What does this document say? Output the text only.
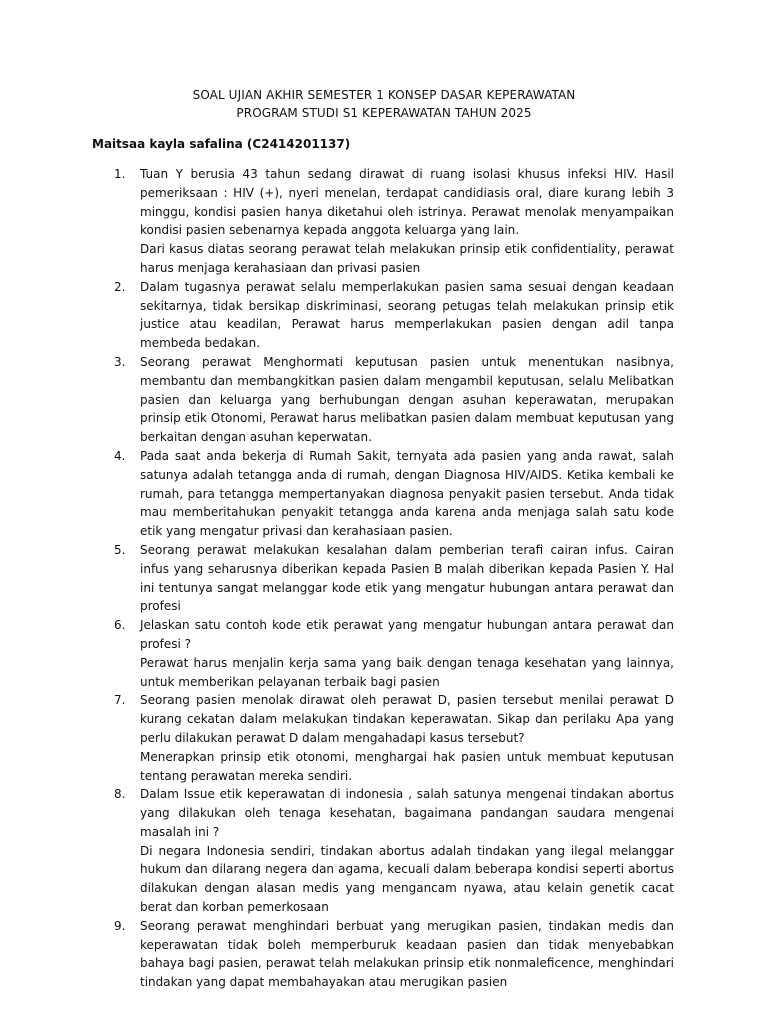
SOAL UJIAN AKHIR SEMESTER 1 KONSEP DASAR KEPERAWATAN
PROGRAM STUDI S1 KEPERAWATAN TAHUN 2025
Maitsaa kayla safalina (C2414201137)
1. Tuan Y berusia 43 tahun sedang dirawat di ruang isolasi khusus infeksi HIV. Hasil pemeriksaan : HIV (+), nyeri menelan, terdapat candidiasis oral, diare kurang lebih 3 minggu, kondisi pasien hanya diketahui oleh istrinya. Perawat menolak menyampaikan kondisi pasien sebenarnya kepada anggota keluarga yang lain.

Dari kasus diatas seorang perawat telah melakukan prinsip etik confidentiality, perawat harus menjaga kerahasiaan dan privasi pasien

2. Dalam tugasnya perawat selalu memperlakukan pasien sama sesuai dengan keadaan sekitarnya, tidak bersikap diskriminasi, seorang petugas telah melakukan prinsip etik justice atau keadilan, Perawat harus memperlakukan pasien dengan adil tanpa membeda bedakan.

3. Seorang perawat Menghormati keputusan pasien untuk menentukan nasibnya, membantu dan membangkitkan pasien dalam mengambil keputusan, selalu Melibatkan pasien dan keluarga yang berhubungan dengan asuhan keperawatan, merupakan prinsip etik Otonomi, Perawat harus melibatkan pasien dalam membuat keputusan yang berkaitan dengan asuhan keperwatan.

4. Pada saat anda bekerja di Rumah Sakit, ternyata ada pasien yang anda rawat, salah satunya adalah tetangga anda di rumah, dengan Diagnosa HIV/AIDS. Ketika kembali ke rumah, para tetangga mempertanyakan diagnosa penyakit pasien tersebut. Anda tidak mau memberitahukan penyakit tetangga anda karena anda menjaga salah satu kode etik yang mengatur privasi dan kerahasiaan pasien.

5. Seorang perawat melakukan kesalahan dalam pemberian terafi cairan infus. Cairan infus yang seharusnya diberikan kepada Pasien B malah diberikan kepada Pasien Y. Hal ini tentunya sangat melanggar kode etik yang mengatur hubungan antara perawat dan profesi

6. Jelaskan satu contoh kode etik perawat yang mengatur hubungan antara perawat dan profesi ?

Perawat harus menjalin kerja sama yang baik dengan tenaga kesehatan yang lainnya, untuk memberikan pelayanan terbaik bagi pasien

7. Seorang pasien menolak dirawat oleh perawat D, pasien tersebut menilai perawat D kurang cekatan dalam melakukan tindakan keperawatan. Sikap dan perilaku Apa yang perlu dilakukan perawat D dalam mengahadapi kasus tersebut?

Menerapkan prinsip etik otonomi, menghargai hak pasien untuk membuat keputusan tentang perawatan mereka sendiri.

8. Dalam Issue etik keperawatan di indonesia , salah satunya mengenai tindakan abortus yang dilakukan oleh tenaga kesehatan, bagaimana pandangan saudara mengenai masalah ini ?

Di negara Indonesia sendiri, tindakan abortus adalah tindakan yang ilegal melanggar hukum dan dilarang negera dan agama, kecuali dalam beberapa kondisi seperti abortus dilakukan dengan alasan medis yang mengancam nyawa, atau kelain genetik cacat berat dan korban pemerkosaan

9. Seorang perawat menghindari berbuat yang merugikan pasien, tindakan medis dan keperawatan tidak boleh memperburuk keadaan pasien dan tidak menyebabkan bahaya bagi pasien, perawat telah melakukan prinsip etik nonmaleficence, menghindari tindakan yang dapat membahayakan atau merugikan pasien
